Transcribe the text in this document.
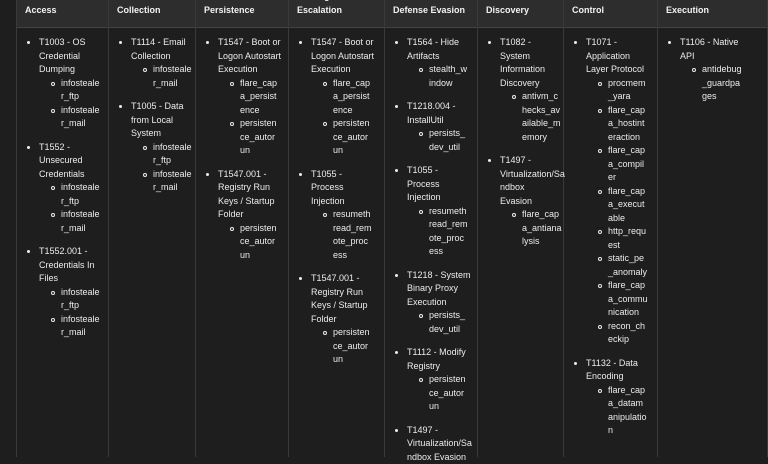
Access
T1003 - OS
Credential
Dumping
infosteale
r_ftp
infosteale
r_mail
T1552 -
Unsecured
Credentials
infosteale
r_ftp
infosteale
r_mail
T1552.001 -
Credentials In
Files
infosteale
r_ftp
infosteale
r_mail
Collection

T1114 - Email
Collection
infosteale
r_mail
T1005 - Data
from Local
System
infosteale
r_ftp
infosteale
r_mail
Persistence

T1547 - Boot or
Logon Autostart
Execution
flare_cap
a_persist
ence
persisten
ce_autor
un
T1547.001 -
Registry Run
Keys / Startup
Folder
persisten
ce_autor
un

Escalation
T1547 - Boot or
Logon Autostart
Execution
flare_cap
a_persist
ence
persisten
ce_autor
un
T1055 -
Process
Injection
resumeth
read_rem
ote_proc
ess
T1547.001 -
Registry Run
Keys / Startup
Folder
persisten
ce_autor
un
Defense Evasion

T1564 - Hide
Artifacts
stealth_w
indow
T1218.004 -
InstallUtil
persists_
dev_util
T1055 -
Process
Injection
resumeth
read_rem
ote_proc
ess
T1218 - System
Binary Proxy
Execution
persists_
dev_util
T1112 - Modify
Registry
persisten
ce_autor
un
T1497 -
Virtualization/Sa
ndbox Evasion
Discovery

T1082 - System
Information
Discovery
antivm_c
hecks_av
ailable_m
emory
T1497 -
Virtualization/Sa
ndbox Evasion
flare_cap
a_antiana
lysis

Control
T1071 -
Application
Layer Protocol
procmem
_yara
flare_cap
a_hostint
eraction
flare_cap
a_compil
er
flare_cap
a_execut
able
http_requ
est
static_pe
_anomaly
flare_cap
a_commu
nication
recon_ch
eckip
T1132 - Data
Encoding
flare_cap
a_datam
anipulatio
n
Execution

T1106 - Native
API
antidebug
_guardpa
ges
